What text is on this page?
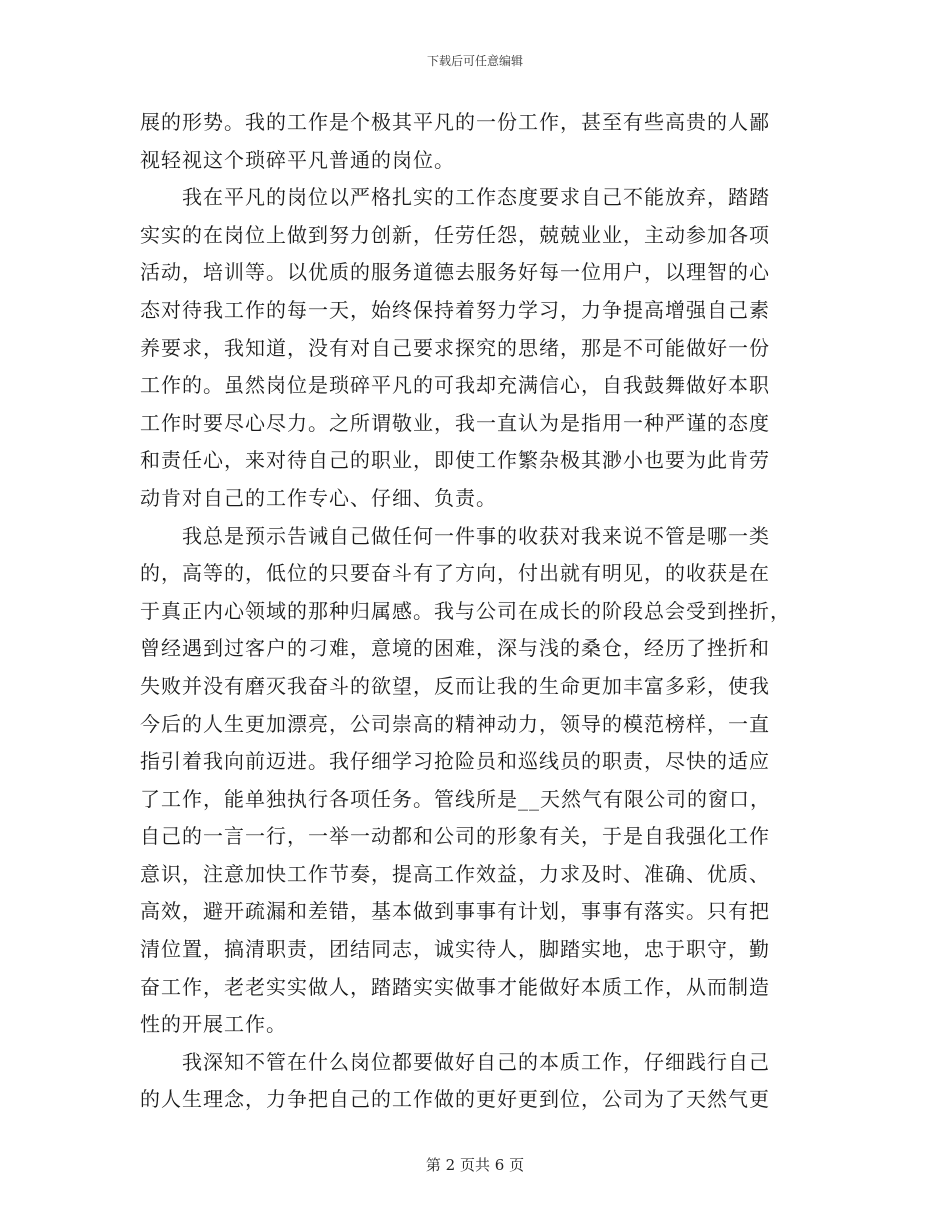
下载后可任意编辑
展的形势。我的工作是个极其平凡的一份工作，甚至有些高贵的人鄙
视轻视这个琐碎平凡普通的岗位。
　　我在平凡的岗位以严格扎实的工作态度要求自己不能放弃，踏踏
实实的在岗位上做到努力创新，任劳任怨，兢兢业业，主动参加各项
活动，培训等。以优质的服务道德去服务好每一位用户，以理智的心
态对待我工作的每一天，始终保持着努力学习，力争提高增强自己素
养要求，我知道，没有对自己要求探究的思绪，那是不可能做好一份
工作的。虽然岗位是琐碎平凡的可我却充满信心，自我鼓舞做好本职
工作时要尽心尽力。之所谓敬业，我一直认为是指用一种严谨的态度
和责任心，来对待自己的职业，即使工作繁杂极其渺小也要为此肯劳
动肯对自己的工作专心、仔细、负责。
　　我总是预示告诫自己做任何一件事的收获对我来说不管是哪一类
的，高等的，低位的只要奋斗有了方向，付出就有明见，的收获是在
于真正内心领域的那种归属感。我与公司在成长的阶段总会受到挫折，
曾经遇到过客户的刁难，意境的困难，深与浅的桑仓，经历了挫折和
失败并没有磨灭我奋斗的欲望，反而让我的生命更加丰富多彩，使我
今后的人生更加漂亮，公司崇高的精神动力，领导的模范榜样，一直
指引着我向前迈进。我仔细学习抢险员和巡线员的职责，尽快的适应
了工作，能单独执行各项任务。管线所是__天然气有限公司的窗口，
自己的一言一行，一举一动都和公司的形象有关，于是自我强化工作
意识，注意加快工作节奏，提高工作效益，力求及时、准确、优质、
高效，避开疏漏和差错，基本做到事事有计划，事事有落实。只有把
清位置，搞清职责，团结同志，诚实待人，脚踏实地，忠于职守，勤
奋工作，老老实实做人，踏踏实实做事才能做好本质工作，从而制造
性的开展工作。
　　我深知不管在什么岗位都要做好自己的本质工作，仔细践行自己
的人生理念，力争把自己的工作做的更好更到位，公司为了天然气更
第 2 页共 6 页
